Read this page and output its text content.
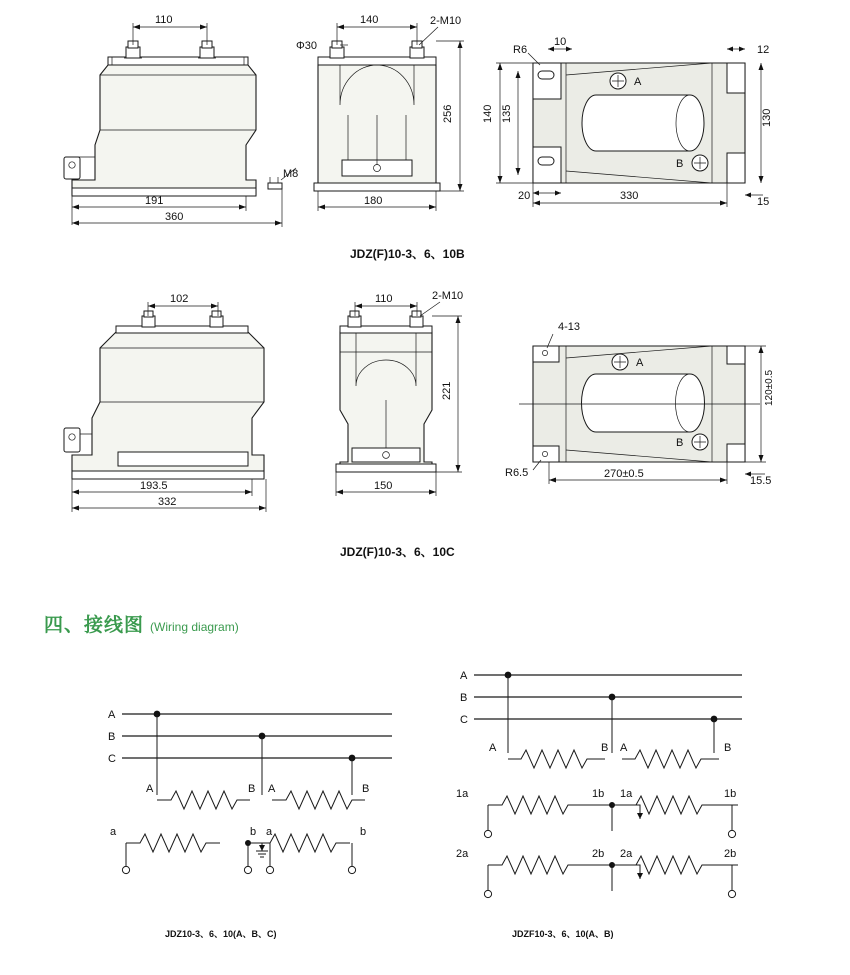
M8
110
191
360
Φ30
140	2-M10
256
180
A
B
R6
10
12
140 135	130
20	330	15
JDZ(F)10-3、6、10B
102
193.5
332
110	2-M10
221
150
A
B
4-13
120±0.5
R6.5	270±0.5
15.5
JDZ(F)10-3、6、10C
四、接线图 (Wiring diagram)
A
B
C
A	B A	B
a	b a	b
JDZ10-3、6、10(A、B、C)
A
B
C
A	B A	B
1a	1b 1a	1b
2a	2b 2a	2b
JDZF10-3、6、10(A、B)
